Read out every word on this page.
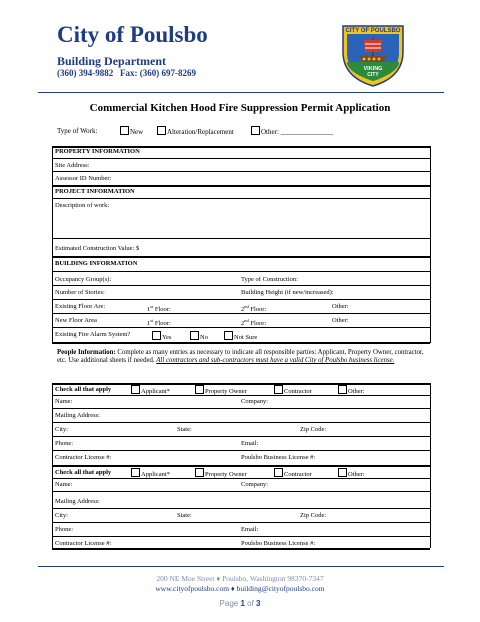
City of Poulsbo
Building Department
(360) 394-9882 Fax: (360) 697-8269
CITY OF POULSBO
VIKING
CITY
Commercial Kitchen Hood Fire Suppression Permit Application
Type of Work:	New	Alteration/Replacement	Other: _______________
PROPERTY INFORMATION
Site Address:
Assessor ID Number:
PROJECT INFORMATION
Description of work:
Estimated Construction Value: $
BUILDING INFORMATION
Occupancy Group(s):	Type of Construction:
Number of Stories:	Building Height (if new/increased):
Existing Floor Are:	1st Floor:	2nd Floor:	Other:
New Floor Area	1st Floor:	2nd Floor:	Other:
Existing Fire Alarm System?	Yes	No	Not Sure
People Information: Complete as many entries as necessary to indicate all responsible parties: Applicant, Property Owner, contractor, etc. Use additional sheets if needed. All contractors and sub-contractors must have a valid City of Poulsbo business license.
Check all that apply	Applicant*	Property Owner	Contractor	Other:
Name:	Company:
Mailing Address:
City:	State:	Zip Code:
Phone:	Email:
Contractor License #:	Poulsbo Business License #:
Check all that apply	Applicant*	Property Owner	Contractor	Other:
Name:	Company:
Mailing Address:
City:	State:	Zip Code:
Phone:	Email:
Contractor License #:	Poulsbo Business License #:
200 NE Moe Street ♦ Poulsbo, Washington 98370-7347
www.cityofpoulsbo.com ♦ building@cityofpoulsbo.com
Page 1 of 3
